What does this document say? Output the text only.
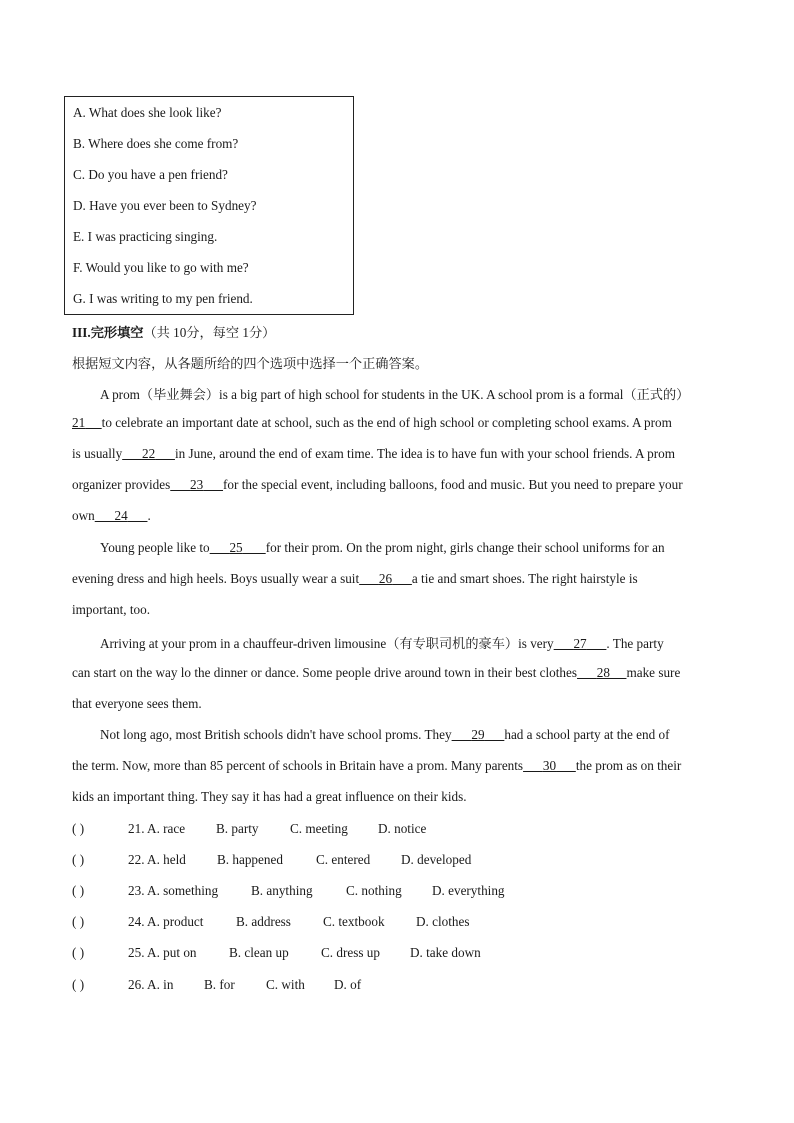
A. What does she look like?
B. Where does she come from?
C. Do you have a pen friend?
D. Have you ever been to Sydney?
E. I was practicing singing.
F. Would you like to go with me?
G. I was writing to my pen friend.
III.完形填空（共 10分，每空 1分）
根据短文内容，从各题所给的四个选项中选择一个正确答案。
A prom（毕业舞会）is a big part of high school for students in the UK. A school prom is a formal（正式的）
21 to celebrate an important date at school, such as the end of high school or completing school exams. A prom
is usually 22 in June, around the end of exam time. The idea is to have fun with your school friends. A prom
organizer provides 23 for the special event, including balloons, food and music. But you need to prepare your
own 24 .
Young people like to 25 for their prom. On the prom night, girls change their school uniforms for an
evening dress and high heels. Boys usually wear a suit 26 a tie and smart shoes. The right hairstyle is
important, too.
Arriving at your prom in a chauffeur-driven limousine（有专职司机的豪车）is very 27 . The party
can start on the way lo the dinner or dance. Some people drive around town in their best clothes 28 make sure
that everyone sees them.
Not long ago, most British schools didn't have school proms. They 29 had a school party at the end of
the term. Now, more than 85 percent of schools in Britain have a prom. Many parents 30 the prom as on their
kids an important thing. They say it has had a great influence on their kids.
( )	21. A. race B. party C. meeting D. notice
( )	22. A. held B. happened	C. entered D. developed
( )	23. A. something B. anything	C. nothing D. everything
( )	24. A. product B. address C. textbook D. clothes
( )	25. A. put on B. clean up C. dress up D. take down
( )	26. A. in B. for C. with D. of
